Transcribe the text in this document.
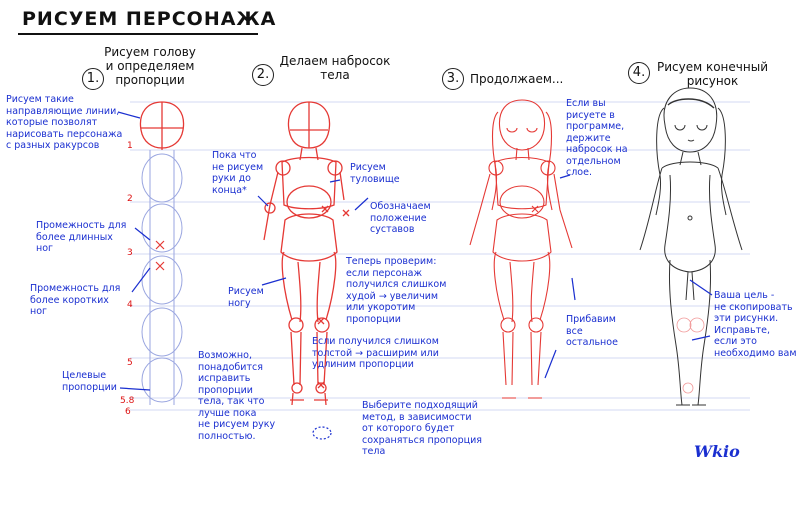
РИСУЕМ ПЕРСОНАЖА
1.
Рисуем голову
и определяем
пропорции	2.
Делаем набросок
тела	3. Продолжаем...	4. Рисуем конечный
рисунок
1
2
3
4
5
5.8
6
Рисуем такие
направляющие линии,
которые позволят
нарисовать персонажа
с разных ракурсов
Промежность для
более длинных
ног
Промежность для
более коротких
ног
Целевые
пропорции
Возможно,
понадобится
исправить
пропорции
тела, так что
лучше пока
не рисуем руку
полностью.
Пока что
не рисуем
руки до
конца*
Рисуем
туловище
Обозначаем
положение
суставов
Рисуем
ногу
Теперь проверим:
если персонаж
получился слишком
худой → увеличим
или укоротим
пропорции
Если получился слишком
толстой → расширим или
удлиним пропорции
Выберите подходящий
метод, в зависимости
от которого будет
сохраняться пропорция
тела
Если вы
рисуете в
программе,
держите
набросок на
отдельном
слое.
Прибавим
все
остальное
Ваша цель -
не скопировать
эти рисунки.
Исправьте,
если это
необходимо вам
Wkio
